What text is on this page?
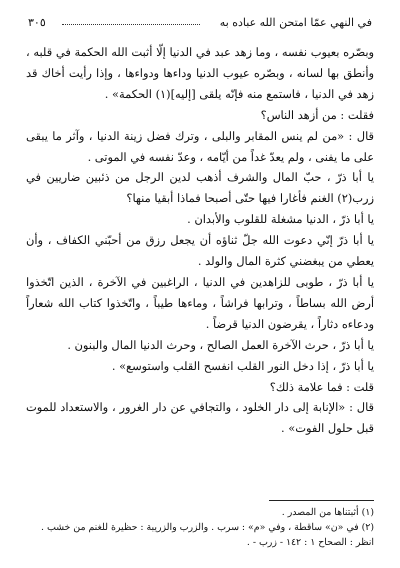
في النهي عمّا امتحن الله عباده به
٣٠٥

وبصّره بعيوب نفسه ، وما زهد عبد في الدنيا إلّا أثبت الله الحكمة في قلبه ، وأنطق بها لسانه ، وبصّره عيوب الدنيا وداءها ودواءها ، وإذا رأيت أخاك قد زهد في الدنيا ، فاستمع منه فإنّه يلقى [إليه](١) الحكمة» .

فقلت : من أزهد الناس؟

قال : «من لم ينس المقابر والبلى ، وترك فضل زينة الدنيا ، وآثر ما يبقى على ما يفنى ، ولم يعدّ غداً من أيّامه ، وعدّ نفسه في الموتى .

يا أبا ذرّ ، حبّ المال والشرف أذهب لدين الرجل من ذئبين ضاريين في زرب(٢) الغنم فأغارا فيها حتّى أصبحا فماذا أبقيا منها؟

يا أبا ذرّ ، الدنيا مشغلة للقلوب والأبدان .

يا أبا ذرّ إنّي دعوت الله جلّ ثناؤه أن يجعل رزق من أحبّني الكفاف ، وأن يعطي من يبغضني كثرة المال والولد .

يا أبا ذرّ ، طوبى للزاهدين في الدنيا ، الراغبين في الآخرة ، الذين اتّخذوا أرض الله بساطاً ، وترابها فراشاً ، وماءها طيباً ، واتّخذوا كتاب الله شعاراً ودعاءه دثاراً ، يقرضون الدنيا قرضاً .

يا أبا ذرّ ، حرث الآخرة العمل الصالح ، وحرث الدنيا المال والبنون .

يا أبا ذرّ ، إذا دخل النور القلب انفسح القلب واستوسع» .

قلت : فما علامة ذلك؟

قال : «الإنابة إلى دار الخلود ، والتجافي عن دار الغرور ، والاستعداد للموت قبل حلول الفوت» .

(١) أثبتناها من المصدر .

(٢) في «ن» ساقطة ، وفي «م» : سرب . والزرب والزريبة : حظيرة للغنم من خشب .

انظر : الصحاح ١ : ١٤٢ - زرب - .
